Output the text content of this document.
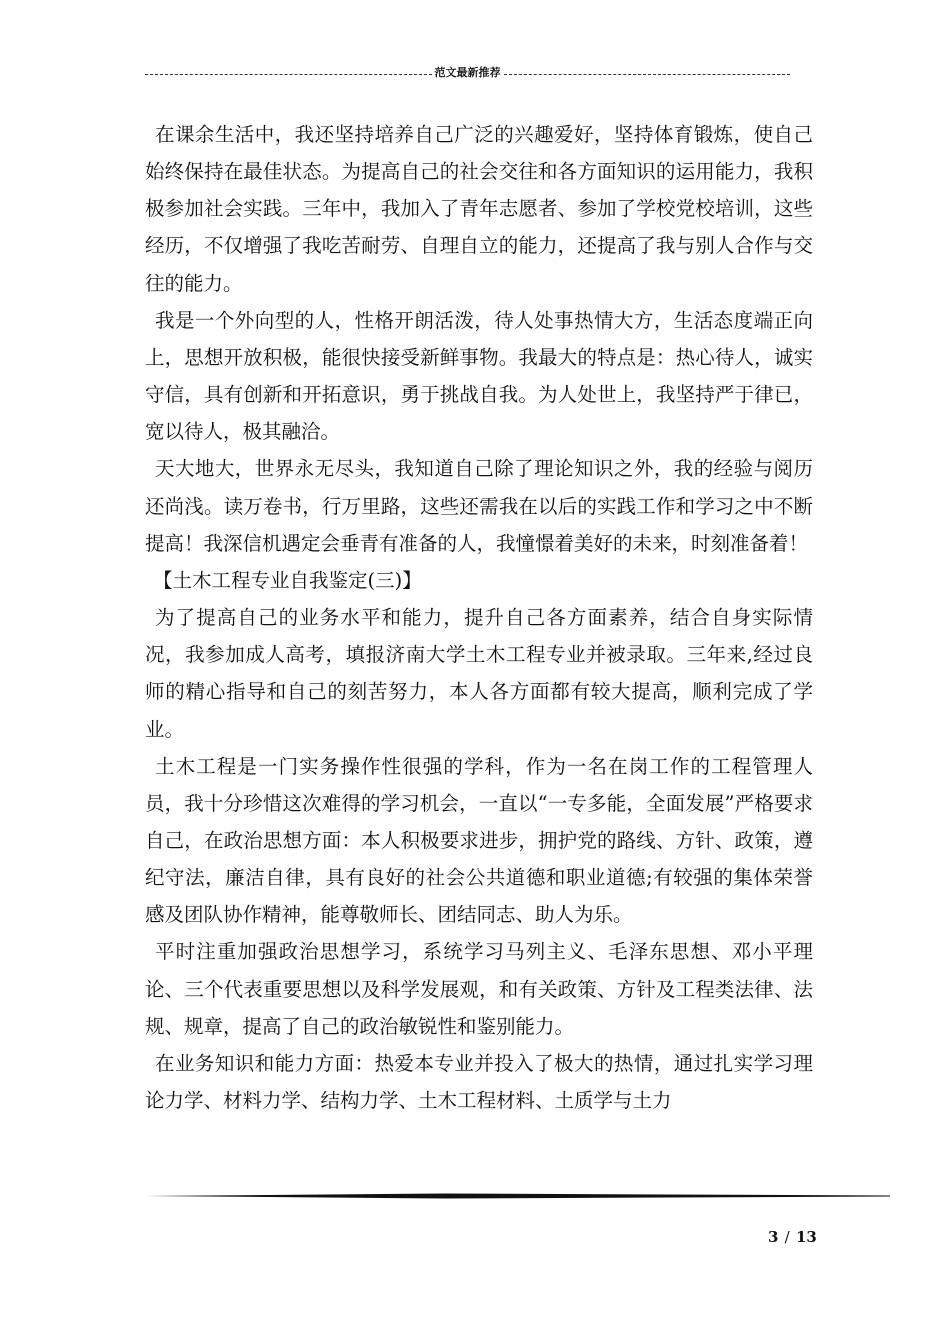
范文最新推荐

在课余生活中，我还坚持培养自己广泛的兴趣爱好，坚持体育锻炼，使自己始终保持在最佳状态。为提高自己的社会交往和各方面知识的运用能力，我积极参加社会实践。三年中，我加入了青年志愿者、参加了学校党校培训，这些经历，不仅增强了我吃苦耐劳、自理自立的能力，还提高了我与别人合作与交往的能力。

我是一个外向型的人，性格开朗活泼，待人处事热情大方，生活态度端正向上，思想开放积极，能很快接受新鲜事物。我最大的特点是：热心待人，诚实守信，具有创新和开拓意识，勇于挑战自我。为人处世上，我坚持严于律已，宽以待人，极其融洽。

天大地大，世界永无尽头，我知道自己除了理论知识之外，我的经验与阅历还尚浅。读万卷书，行万里路，这些还需我在以后的实践工作和学习之中不断提高！我深信机遇定会垂青有准备的人，我憧憬着美好的未来，时刻准备着！

【土木工程专业自我鉴定(三)】

为了提高自己的业务水平和能力，提升自己各方面素养，结合自身实际情况，我参加成人高考，填报济南大学土木工程专业并被录取。三年来,经过良师的精心指导和自己的刻苦努力，本人各方面都有较大提高，顺利完成了学业。

土木工程是一门实务操作性很强的学科，作为一名在岗工作的工程管理人员，我十分珍惜这次难得的学习机会，一直以“一专多能，全面发展”严格要求自己，在政治思想方面：本人积极要求进步，拥护党的路线、方针、政策，遵纪守法，廉洁自律，具有良好的社会公共道德和职业道德;有较强的集体荣誉感及团队协作精神，能尊敬师长、团结同志、助人为乐。

平时注重加强政治思想学习，系统学习马列主义、毛泽东思想、邓小平理论、三个代表重要思想以及科学发展观，和有关政策、方针及工程类法律、法规、规章，提高了自己的政治敏锐性和鉴别能力。

在业务知识和能力方面：热爱本专业并投入了极大的热情，通过扎实学习理论力学、材料力学、结构力学、土木工程材料、土质学与土力

3 / 13
